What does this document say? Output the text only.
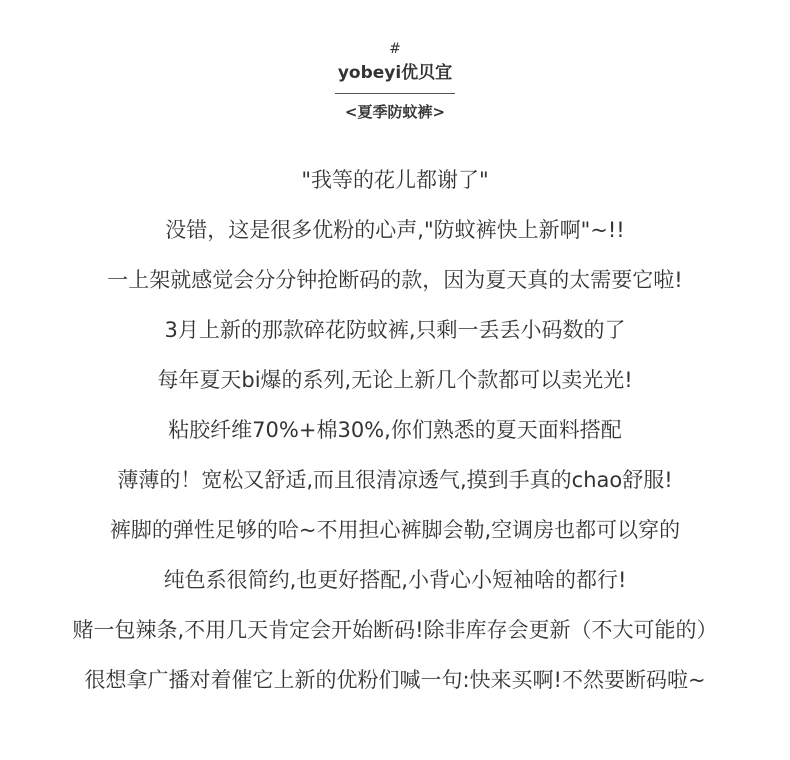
#
yobeyi优贝宜
<夏季防蚊裤>
"我等的花儿都谢了"
没错，这是很多优粉的心声,"防蚊裤快上新啊"~!!
一上架就感觉会分分钟抢断码的款，因为夏天真的太需要它啦!
3月上新的那款碎花防蚊裤,只剩一丢丢小码数的了
每年夏天bi爆的系列,无论上新几个款都可以卖光光!
粘胶纤维70%+棉30%,你们熟悉的夏天面料搭配
薄薄的！宽松又舒适,而且很清凉透气,摸到手真的chao舒服!
裤脚的弹性足够的哈~不用担心裤脚会勒,空调房也都可以穿的
纯色系很简约,也更好搭配,小背心小短袖啥的都行!
赌一包辣条,不用几天肯定会开始断码!除非库存会更新（不大可能的）
很想拿广播对着催它上新的优粉们喊一句:快来买啊!不然要断码啦~
